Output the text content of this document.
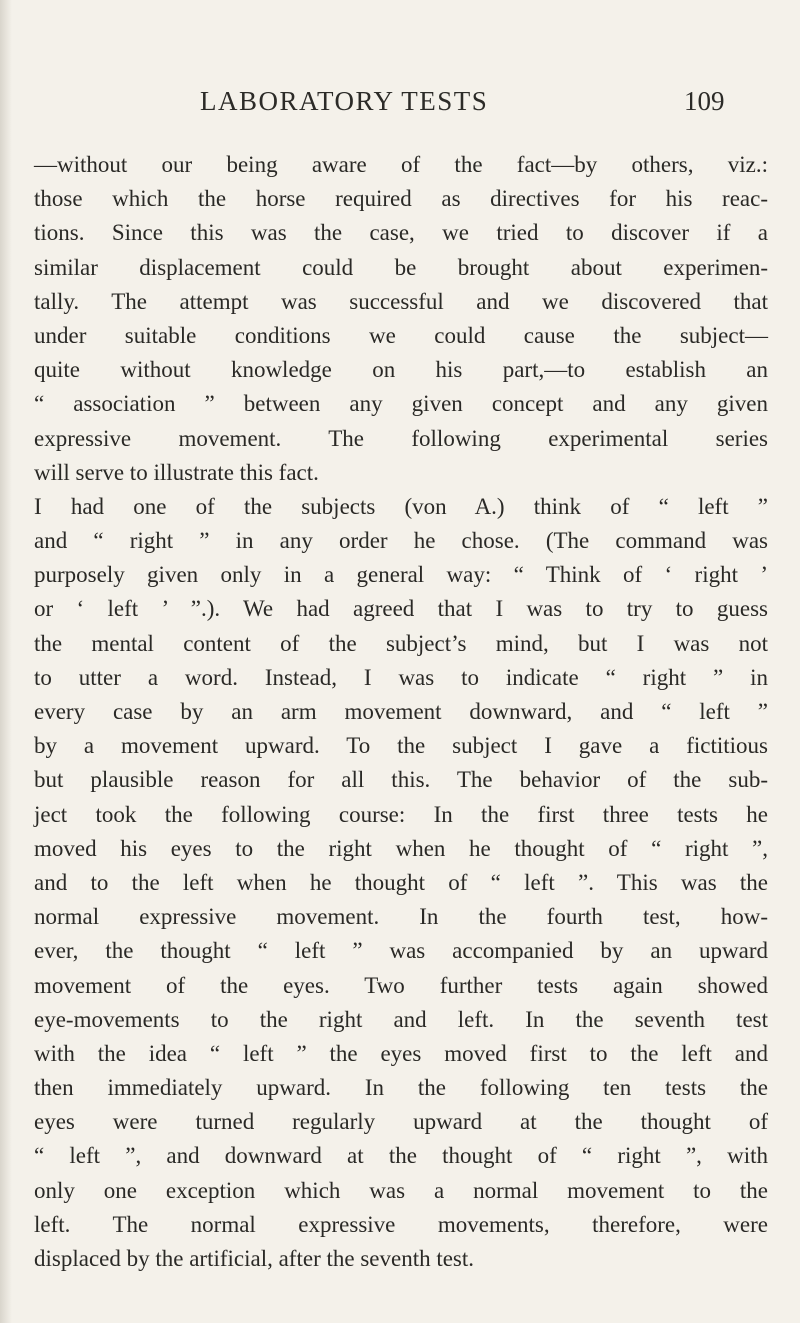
LABORATORY TESTS	109
—without our being aware of the fact—by others, viz.:
those which the horse required as directives for his reac-
tions. Since this was the case, we tried to discover if a
similar displacement could be brought about experimen-
tally. The attempt was successful and we discovered that
under suitable conditions we could cause the subject—
quite without knowledge on his part,—to establish an
“ association ” between any given concept and any given
expressive movement. The following experimental series
will serve to illustrate this fact.
I had one of the subjects (von A.) think of “ left ”
and “ right ” in any order he chose. (The command was
purposely given only in a general way: “ Think of ‘ right ’
or ‘ left ’ ”.). We had agreed that I was to try to guess
the mental content of the subject’s mind, but I was not
to utter a word. Instead, I was to indicate “ right ” in
every case by an arm movement downward, and “ left ”
by a movement upward. To the subject I gave a fictitious
but plausible reason for all this. The behavior of the sub-
ject took the following course: In the first three tests he
moved his eyes to the right when he thought of “ right ”,
and to the left when he thought of “ left ”. This was the
normal expressive movement. In the fourth test, how-
ever, the thought “ left ” was accompanied by an upward
movement of the eyes. Two further tests again showed
eye-movements to the right and left. In the seventh test
with the idea “ left ” the eyes moved first to the left and
then immediately upward. In the following ten tests the
eyes were turned regularly upward at the thought of
“ left ”, and downward at the thought of “ right ”, with
only one exception which was a normal movement to the
left. The normal expressive movements, therefore, were
displaced by the artificial, after the seventh test.
